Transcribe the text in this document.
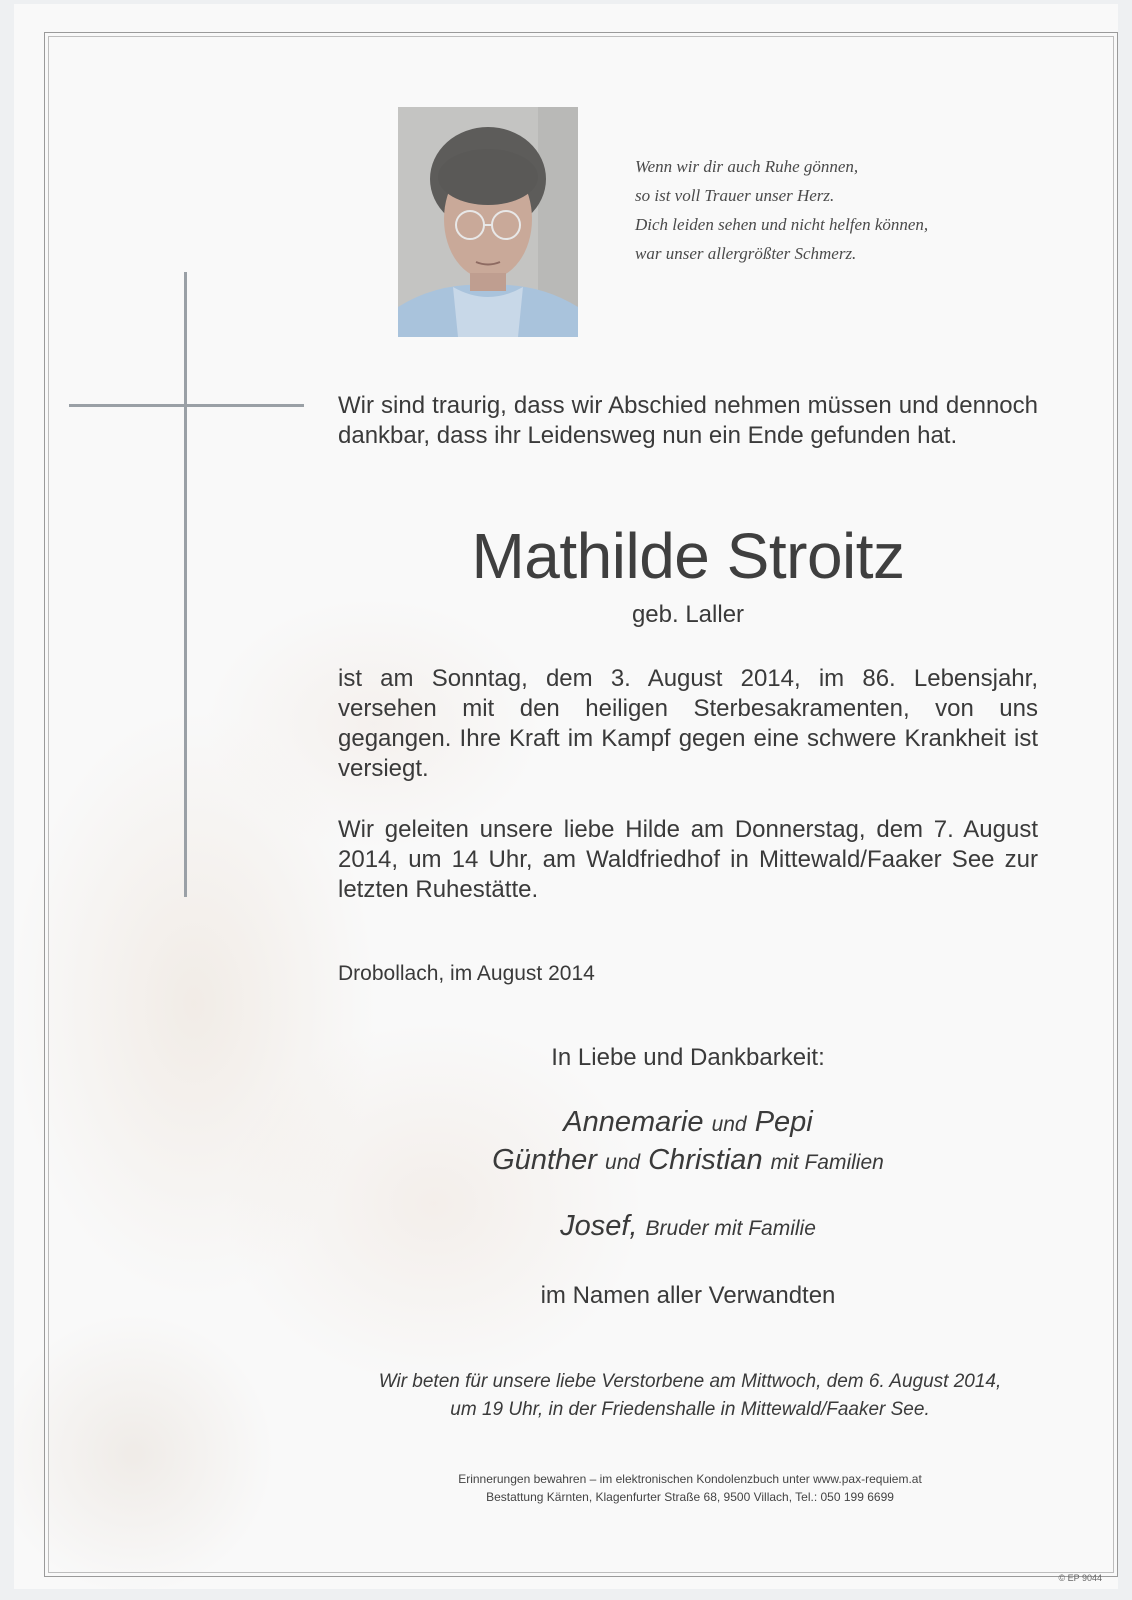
Wenn wir dir auch Ruhe gönnen,
so ist voll Trauer unser Herz.
Dich leiden sehen und nicht helfen können,
war unser allergrößter Schmerz.
Wir sind traurig, dass wir Abschied nehmen müssen und dennoch dankbar, dass ihr Leidensweg nun ein Ende gefunden hat.
Mathilde Stroitz
geb. Laller
ist am Sonntag, dem 3. August 2014, im 86. Lebensjahr, versehen mit den heiligen Sterbesakramenten, von uns gegangen. Ihre Kraft im Kampf gegen eine schwere Krankheit ist versiegt.
Wir geleiten unsere liebe Hilde am Donnerstag, dem 7. August 2014, um 14 Uhr, am Waldfriedhof in Mittewald/Faaker See zur letzten Ruhestätte.
Drobollach, im August 2014
In Liebe und Dankbarkeit:
Annemarie und Pepi
Günther und Christian mit Familien
Josef, Bruder mit Familie
im Namen aller Verwandten
Wir beten für unsere liebe Verstorbene am Mittwoch, dem 6. August 2014,
um 19 Uhr, in der Friedenshalle in Mittewald/Faaker See.
Erinnerungen bewahren – im elektronischen Kondolenzbuch unter www.pax-requiem.at
Bestattung Kärnten, Klagenfurter Straße 68, 9500 Villach, Tel.: 050 199 6699
© EP 9044
